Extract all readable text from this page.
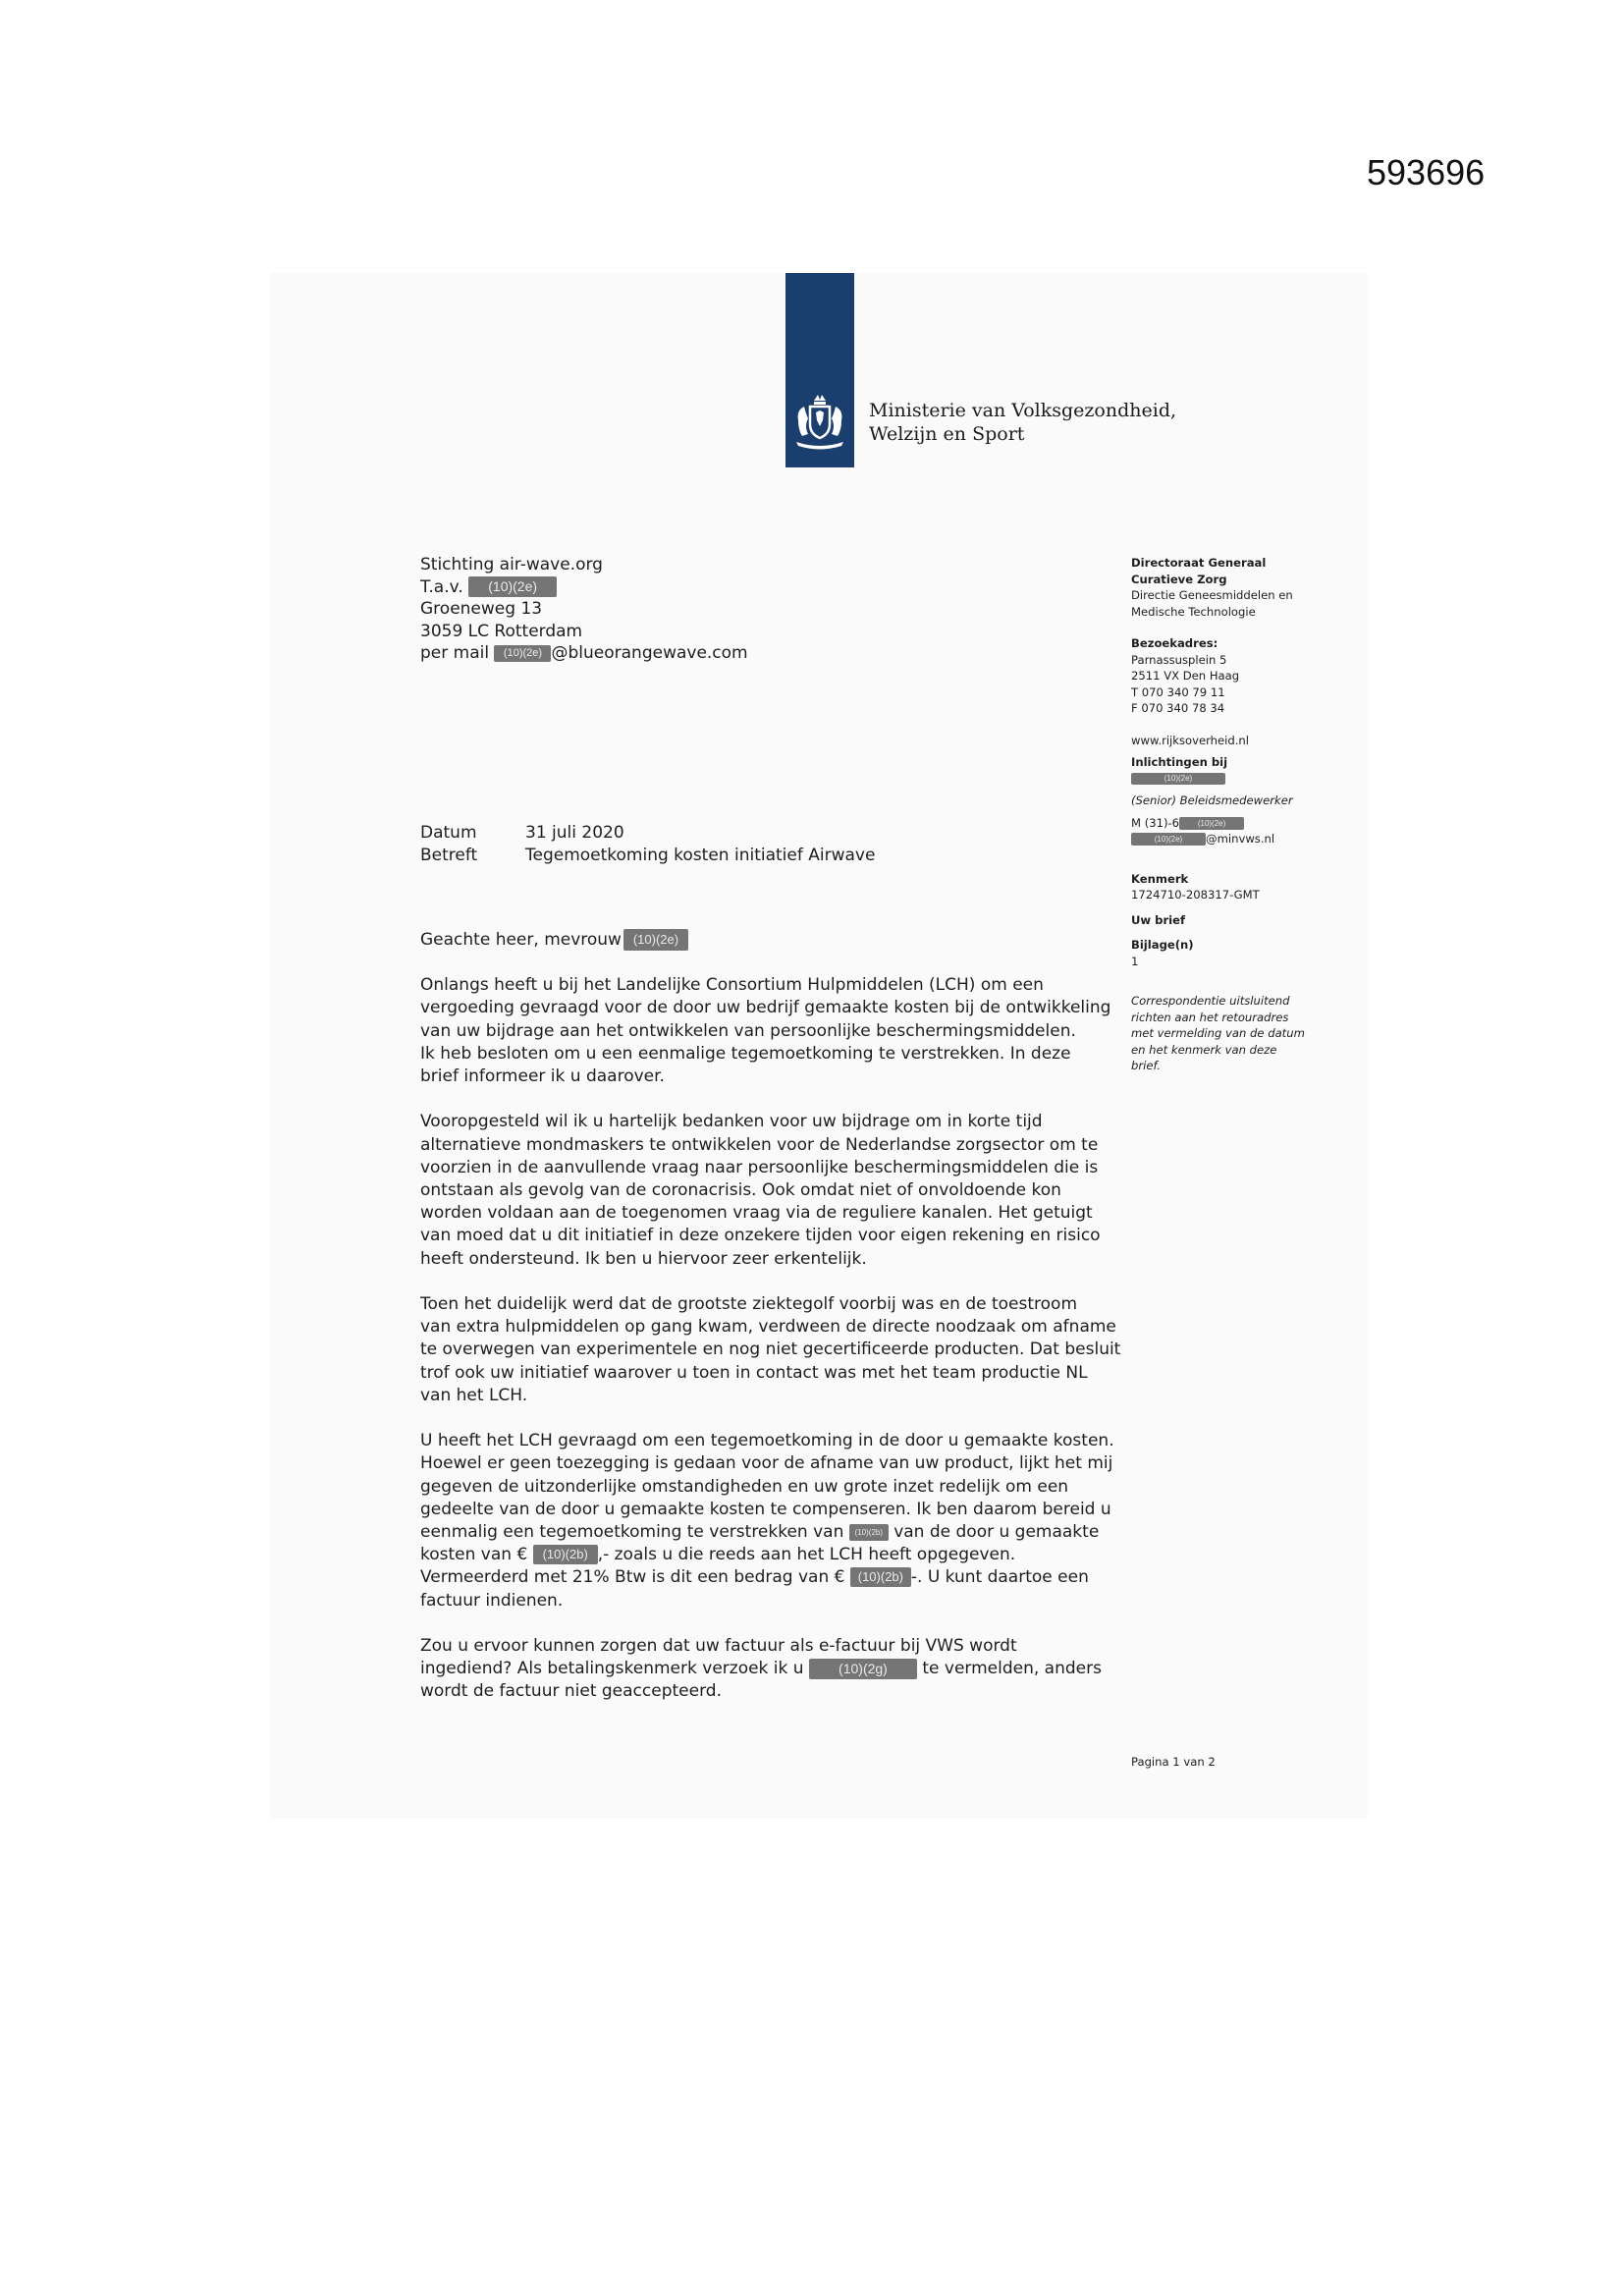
593696
Ministerie van Volksgezondheid,
Welzijn en Sport
Stichting air-wave.org
T.a.v. (10)(2e)
Groeneweg 13
3059 LC Rotterdam
per mail (10)(2e) @blueorangewave.com
Datum
Betreft
31 juli 2020
Tegemoetkoming kosten initiatief Airwave

Geachte heer, mevrouw (10)(2e)

Onlangs heeft u bij het Landelijke Consortium Hulpmiddelen (LCH) om een

vergoeding gevraagd voor de door uw bedrijf gemaakte kosten bij de ontwikkeling

van uw bijdrage aan het ontwikkelen van persoonlijke beschermingsmiddelen.

Ik heb besloten om u een eenmalige tegemoetkoming te verstrekken. In deze

brief informeer ik u daarover.

Vooropgesteld wil ik u hartelijk bedanken voor uw bijdrage om in korte tijd

alternatieve mondmaskers te ontwikkelen voor de Nederlandse zorgsector om te

voorzien in de aanvullende vraag naar persoonlijke beschermingsmiddelen die is

ontstaan als gevolg van de coronacrisis. Ook omdat niet of onvoldoende kon

worden voldaan aan de toegenomen vraag via de reguliere kanalen. Het getuigt

van moed dat u dit initiatief in deze onzekere tijden voor eigen rekening en risico

heeft ondersteund. Ik ben u hiervoor zeer erkentelijk.

Toen het duidelijk werd dat de grootste ziektegolf voorbij was en de toestroom

van extra hulpmiddelen op gang kwam, verdween de directe noodzaak om afname

te overwegen van experimentele en nog niet gecertificeerde producten. Dat besluit

trof ook uw initiatief waarover u toen in contact was met het team productie NL

van het LCH.

U heeft het LCH gevraagd om een tegemoetkoming in de door u gemaakte kosten.

Hoewel er geen toezegging is gedaan voor de afname van uw product, lijkt het mij

gegeven de uitzonderlijke omstandigheden en uw grote inzet redelijk om een

gedeelte van de door u gemaakte kosten te compenseren. Ik ben daarom bereid u

eenmalig een tegemoetkoming te verstrekken van (10)(2b) van de door u gemaakte

kosten van € (10)(2b) ,- zoals u die reeds aan het LCH heeft opgegeven.

Vermeerderd met 21% Btw is dit een bedrag van € (10)(2b) -. U kunt daartoe een

factuur indienen.

Zou u ervoor kunnen zorgen dat uw factuur als e-factuur bij VWS wordt

ingediend? Als betalingskenmerk verzoek ik u	(10)(2g) te vermelden, anders

wordt de factuur niet geaccepteerd.

Directoraat Generaal
Curatieve Zorg
Directie Geneesmiddelen en
Medische Technologie
Bezoekadres:
Parnassusplein 5
2511 VX Den Haag
T 070 340 79 11
F 070 340 78 34
www.rijksoverheid.nl
Inlichtingen bij
(10)(2e)
(Senior) Beleidsmedewerker
M (31)-6 (10)(2e)
(10)(2e) @minvws.nl
Kenmerk
1724710-208317-GMT
Uw brief
Bijlage(n)
1
Correspondentie uitsluitend
richten aan het retouradres
met vermelding van de datum
en het kenmerk van deze
brief.
Pagina 1 van 2
